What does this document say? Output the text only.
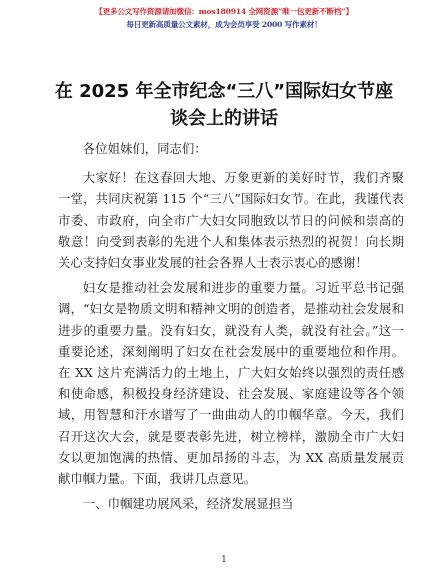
【更多公文写作资源请加微信：mos180914 全网资源“唯一包更新不断档”】
每日更新高质量公文素材，成为会员享受 2000 写作素材！
在 2025 年全市纪念“三八”国际妇女节座谈会上的讲话

各位姐妹们，同志们：

大家好！在这春回大地、万象更新的美好时节，我们齐聚一堂，共同庆祝第 115 个“三八”国际妇女节。在此，我谨代表市委、市政府，向全市广大妇女同胞致以节日的问候和崇高的敬意！向受到表彰的先进个人和集体表示热烈的祝贺！向长期关心支持妇女事业发展的社会各界人士表示衷心的感谢！

妇女是推动社会发展和进步的重要力量。习近平总书记强调，“妇女是物质文明和精神文明的创造者，是推动社会发展和进步的重要力量。没有妇女，就没有人类，就没有社会。”这一重要论述，深刻阐明了妇女在社会发展中的重要地位和作用。在 XX 这片充满活力的土地上，广大妇女始终以强烈的责任感和使命感，积极投身经济建设、社会发展、家庭建设等各个领域，用智慧和汗水谱写了一曲曲动人的巾帼华章。今天，我们召开这次大会，就是要表彰先进，树立榜样，激励全市广大妇女以更加饱满的热情、更加昂扬的斗志，为 XX 高质量发展贡献巾帼力量。下面，我讲几点意见。

一、巾帼建功展风采，经济发展显担当

1
